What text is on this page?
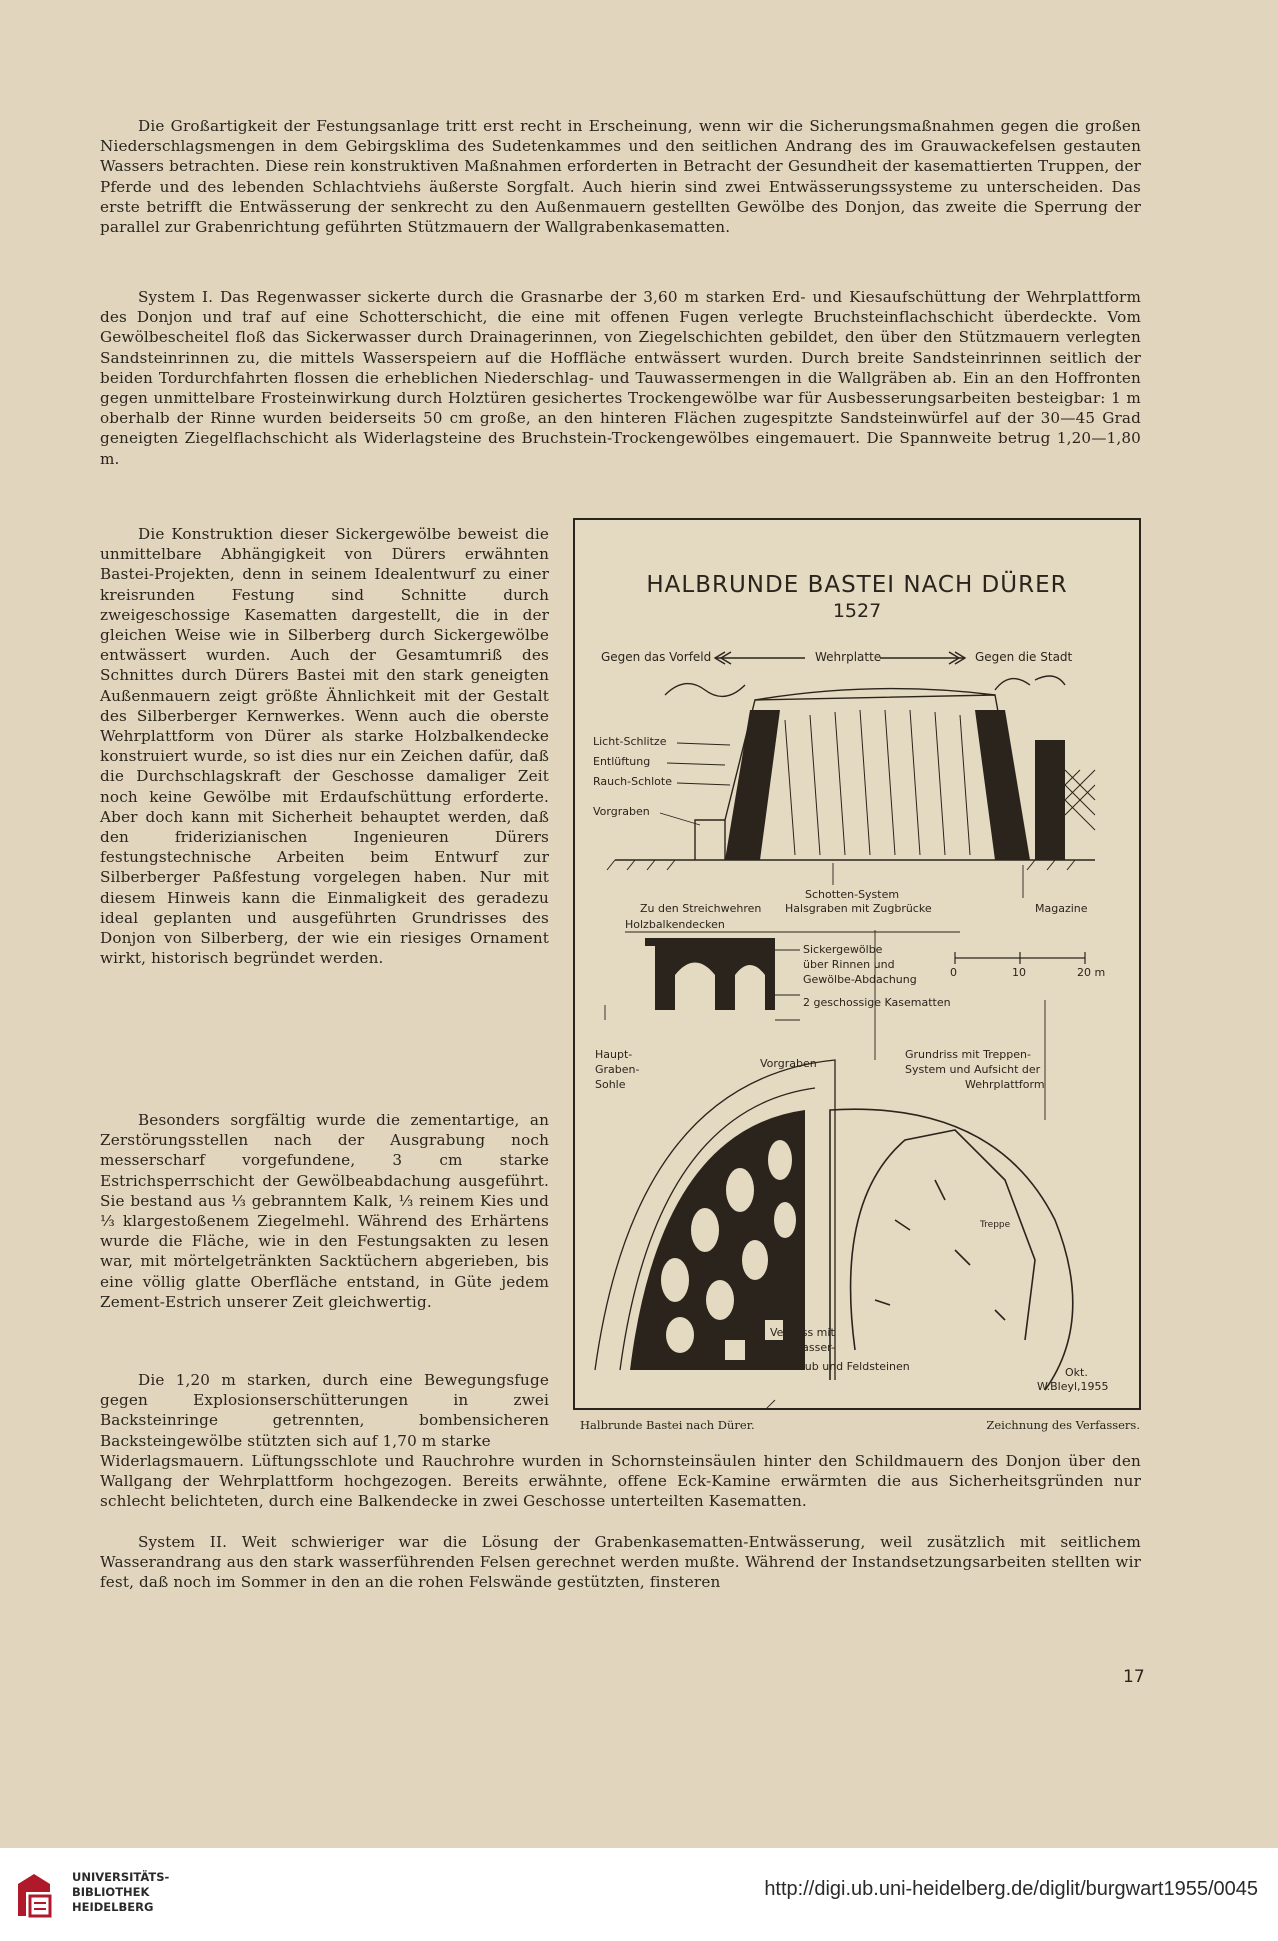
Die Großartigkeit der Festungsanlage tritt erst recht in Erscheinung, wenn wir die Sicherungsmaßnahmen gegen die großen Niederschlagsmengen in dem Gebirgsklima des Sudetenkammes und den seitlichen Andrang des im Grauwackefelsen gestauten Wassers betrachten. Diese rein konstruktiven Maßnahmen erforderten in Betracht der Gesundheit der kasemattierten Truppen, der Pferde und des lebenden Schlachtviehs äußerste Sorgfalt. Auch hierin sind zwei Entwässerungssysteme zu unterscheiden. Das erste betrifft die Entwässerung der senkrecht zu den Außenmauern gestellten Gewölbe des Donjon, das zweite die Sperrung der parallel zur Grabenrichtung geführten Stützmauern der Wallgrabenkasematten.

System I. Das Regenwasser sickerte durch die Grasnarbe der 3,60 m starken Erd- und Kiesaufschüttung der Wehrplattform des Donjon und traf auf eine Schotterschicht, die eine mit offenen Fugen verlegte Bruchsteinflachschicht überdeckte. Vom Gewölbescheitel floß das Sickerwasser durch Drainagerinnen, von Ziegelschichten gebildet, den über den Stützmauern verlegten Sandsteinrinnen zu, die mittels Wasserspeiern auf die Hoffläche entwässert wurden. Durch breite Sandsteinrinnen seitlich der beiden Tordurchfahrten flossen die erheblichen Niederschlag- und Tauwassermengen in die Wallgräben ab. Ein an den Hoffronten gegen unmittelbare Frosteinwirkung durch Holztüren gesichertes Trockengewölbe war für Ausbesserungsarbeiten besteigbar: 1 m oberhalb der Rinne wurden beiderseits 50 cm große, an den hinteren Flächen zugespitzte Sandsteinwürfel auf der 30—45 Grad geneigten Ziegelflachschicht als Widerlagsteine des Bruchstein-Trockengewölbes eingemauert. Die Spannweite betrug 1,20—1,80 m.

Die Konstruktion dieser Sickergewölbe beweist die unmittelbare Abhängigkeit von Dürers erwähnten Bastei-Projekten, denn in seinem Idealentwurf zu einer kreisrunden Festung sind Schnitte durch zweigeschossige Kasematten dargestellt, die in der gleichen Weise wie in Silberberg durch Sickergewölbe entwässert wurden. Auch der Gesamtumriß des Schnittes durch Dürers Bastei mit den stark geneigten Außenmauern zeigt größte Ähnlichkeit mit der Gestalt des Silberberger Kernwerkes. Wenn auch die oberste Wehrplattform von Dürer als starke Holzbalkendecke konstruiert wurde, so ist dies nur ein Zeichen dafür, daß die Durchschlagskraft der Geschosse damaliger Zeit noch keine Gewölbe mit Erdaufschüttung erforderte. Aber doch kann mit Sicherheit behauptet werden, daß den friderizianischen Ingenieuren Dürers festungstechnische Arbeiten beim Entwurf zur Silberberger Paßfestung vorgelegen haben. Nur mit diesem Hinweis kann die Einmaligkeit des geradezu ideal geplanten und ausgeführten Grundrisses des Donjon von Silberberg, der wie ein riesiges Ornament wirkt, historisch begründet werden.

Besonders sorgfältig wurde die zementartige, an Zerstörungsstellen nach der Ausgrabung noch messerscharf vorgefundene, 3 cm starke Estrichsperrschicht der Gewölbeabdachung ausgeführt. Sie bestand aus ⅓ gebranntem Kalk, ⅓ reinem Kies und ⅓ klargestoßenem Ziegelmehl. Während des Erhärtens wurde die Fläche, wie in den Festungsakten zu lesen war, mit mörtelgetränkten Sacktüchern abgerieben, bis eine völlig glatte Oberfläche entstand, in Güte jedem Zement-Estrich unserer Zeit gleichwertig.

Die 1,20 m starken, durch eine Bewegungsfuge gegen Explosionserschütterungen in zwei Backsteinringe getrennten, bombensicheren Backsteingewölbe stützten sich auf 1,70 m starke

Widerlagsmauern. Lüftungsschlote und Rauchrohre wurden in Schornsteinsäulen hinter den Schildmauern des Donjon über den Wallgang der Wehrplattform hochgezogen. Bereits erwähnte, offene Eck-Kamine erwärmten die aus Sicherheitsgründen nur schlecht belichteten, durch eine Balkendecke in zwei Geschosse unterteilten Kasematten.

System II. Weit schwieriger war die Lösung der Grabenkasematten-Entwässerung, weil zusätzlich mit seitlichem Wasserandrang aus den stark wasserführenden Felsen gerechnet werden mußte. Während der Instandsetzungsarbeiten stellten wir fest, daß noch im Sommer in den an die rohen Felswände gestützten, finsteren

HALBRUNDE BASTEI NACH DÜRER
1527
Gegen das Vorfeld	Wehrplatte	Gegen die Stadt
Licht-Schlitze
Entlüftung
Rauch-Schlote
Vorgraben
Schotten-System
Zu den Streichwehren Halsgraben mit Zugbrücke	Magazine
Holzbalkendecken
Sickergewölbe
über Rinnen und
Gewölbe-Abdachung
2 geschossige Kasematten
0	10	20 m
Haupt-
Graben-
Sohle
Vorgraben
Grundriss mit Treppen-
System und Aufsicht der
Wehrplattform
Treppe
Verguss mit
Kalkwasser-
Kalkmörtel-Sand-Steinstaub und Feldsteinen	Okt.
W.Bleyl,1955
Halbrunde Bastei nach Dürer.	Zeichnung des Verfassers.
17
UNIVERSITÄTS-
BIBLIOTHEK
HEIDELBERG
http://digi.ub.uni-heidelberg.de/diglit/burgwart1955/0045
